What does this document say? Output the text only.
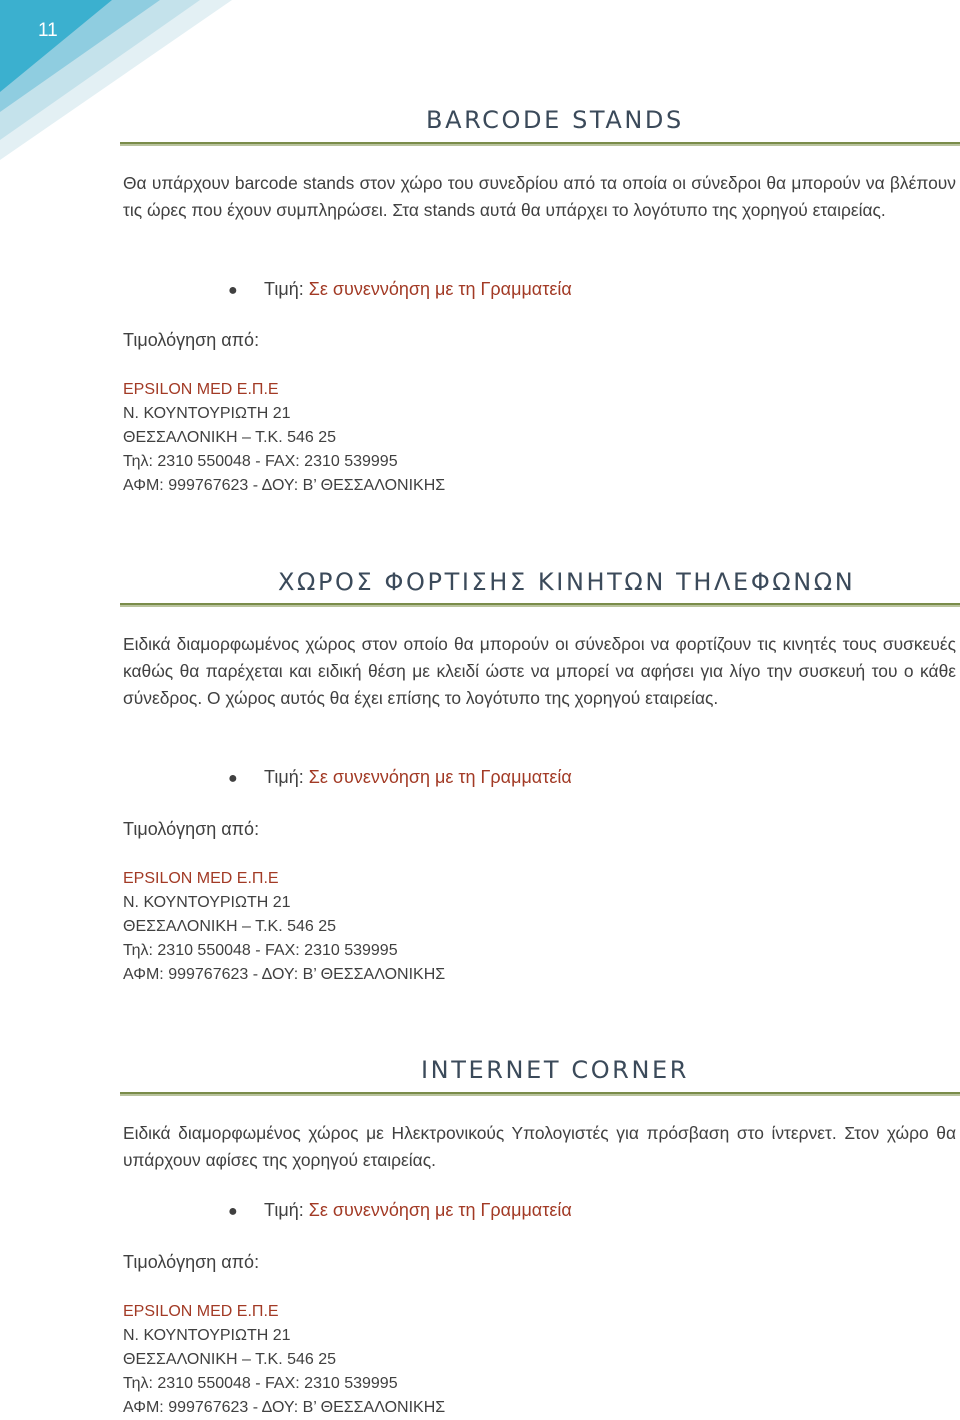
11
BARCODE STANDS

Θα υπάρχουν barcode stands στον χώρο του συνεδρίου από τα οποία οι σύνεδροι θα μπορούν να βλέπουν τις ώρες που έχουν συμπληρώσει. Στα stands αυτά θα υπάρχει το λογότυπο της χορηγού εταιρείας.

● Τιμή: Σε συνεννόηση με τη Γραμματεία
Τιμολόγηση από:
EPSILON MED Ε.Π.Ε
Ν. ΚΟΥΝΤΟΥΡΙΩΤΗ 21
ΘΕΣΣΑΛΟΝΙΚΗ – Τ.Κ. 546 25
Τηλ: 2310 550048 - FAX: 2310 539995
ΑΦΜ: 999767623 - ΔΟΥ: Β’ ΘΕΣΣΑΛΟΝΙΚΗΣ
ΧΩΡΟΣ ΦΟΡΤΙΣΗΣ ΚΙΝΗΤΩΝ ΤΗΛΕΦΩΝΩΝ

Ειδικά διαμορφωμένος χώρος στον οποίο θα μπορούν οι σύνεδροι να φορτίζουν τις κινητές τους συσκευές καθώς θα παρέχεται και ειδική θέση με κλειδί ώστε να μπορεί να αφήσει για λίγο την συσκευή του ο κάθε σύνεδρος. Ο χώρος αυτός θα έχει επίσης το λογότυπο της χορηγού εταιρείας.

● Τιμή: Σε συνεννόηση με τη Γραμματεία
Τιμολόγηση από:
EPSILON MED Ε.Π.Ε
Ν. ΚΟΥΝΤΟΥΡΙΩΤΗ 21
ΘΕΣΣΑΛΟΝΙΚΗ – Τ.Κ. 546 25
Τηλ: 2310 550048 - FAX: 2310 539995
ΑΦΜ: 999767623 - ΔΟΥ: Β’ ΘΕΣΣΑΛΟΝΙΚΗΣ
INTERNET CORNER

Ειδικά διαμορφωμένος χώρος με Ηλεκτρονικούς Υπολογιστές για πρόσβαση στο ίντερνετ. Στον χώρο θα υπάρχουν αφίσες της χορηγού εταιρείας.

● Τιμή: Σε συνεννόηση με τη Γραμματεία
Τιμολόγηση από:
EPSILON MED Ε.Π.Ε
Ν. ΚΟΥΝΤΟΥΡΙΩΤΗ 21
ΘΕΣΣΑΛΟΝΙΚΗ – Τ.Κ. 546 25
Τηλ: 2310 550048 - FAX: 2310 539995
ΑΦΜ: 999767623 - ΔΟΥ: Β’ ΘΕΣΣΑΛΟΝΙΚΗΣ
